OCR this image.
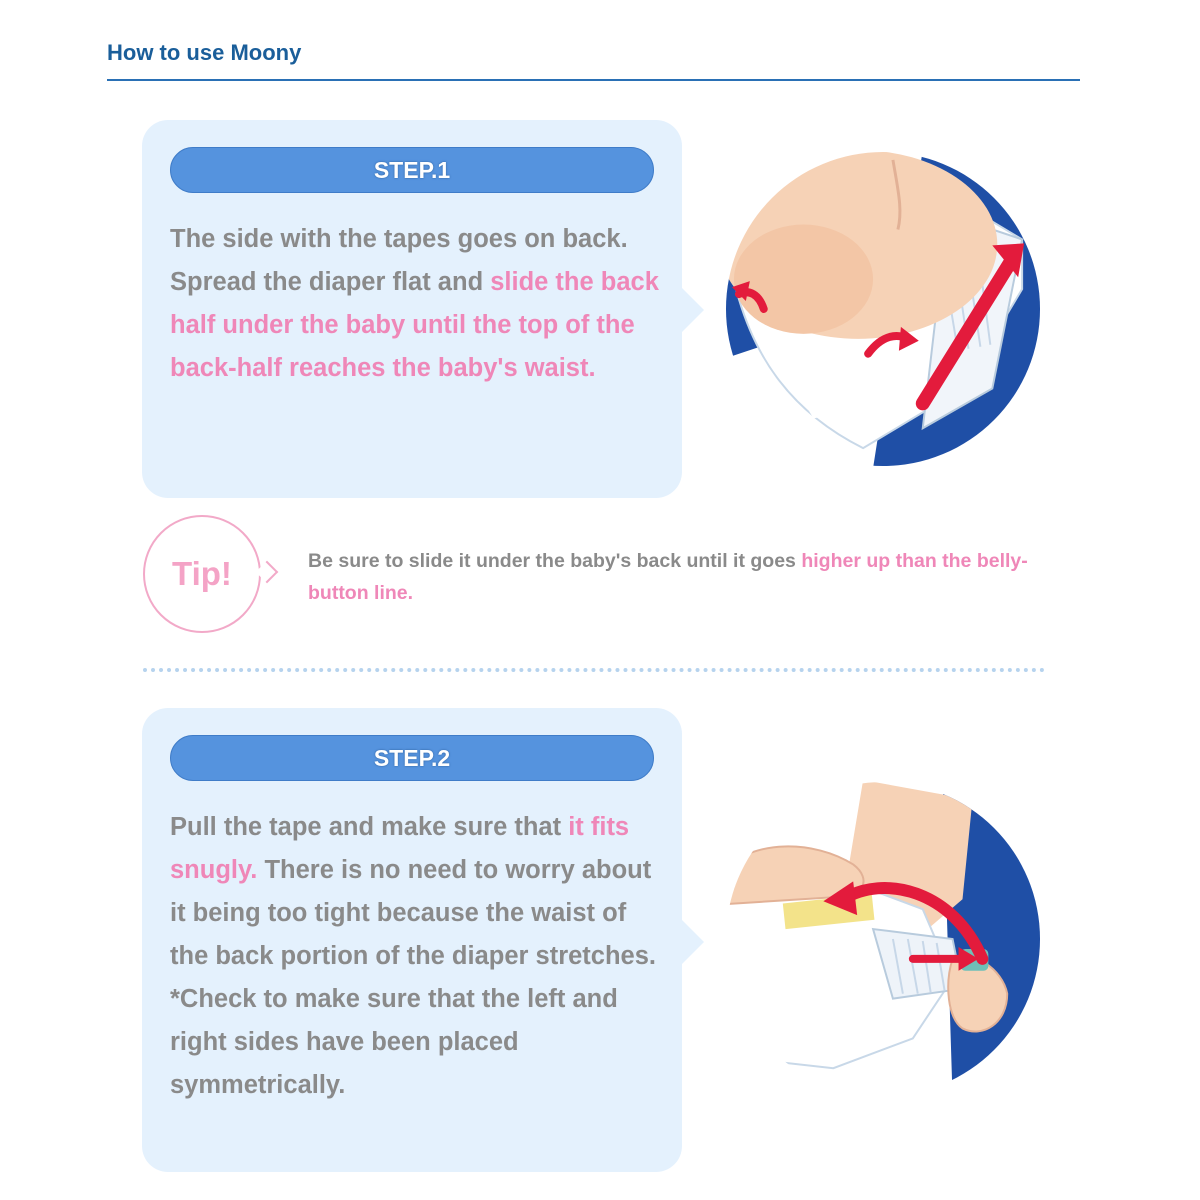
How to use Moony
STEP.1

The side with the tapes goes on back.
Spread the diaper flat and slide the back half under the baby until the top of the back-half reaches the baby's waist.

Tip!	Be sure to slide it under the baby's back until it goes higher up than the belly-button line.

STEP.2

Pull the tape and make sure that it fits snugly. There is no need to worry about it being too tight because the waist of the back portion of the diaper stretches.
*Check to make sure that the left and right sides have been placed symmetrically.
